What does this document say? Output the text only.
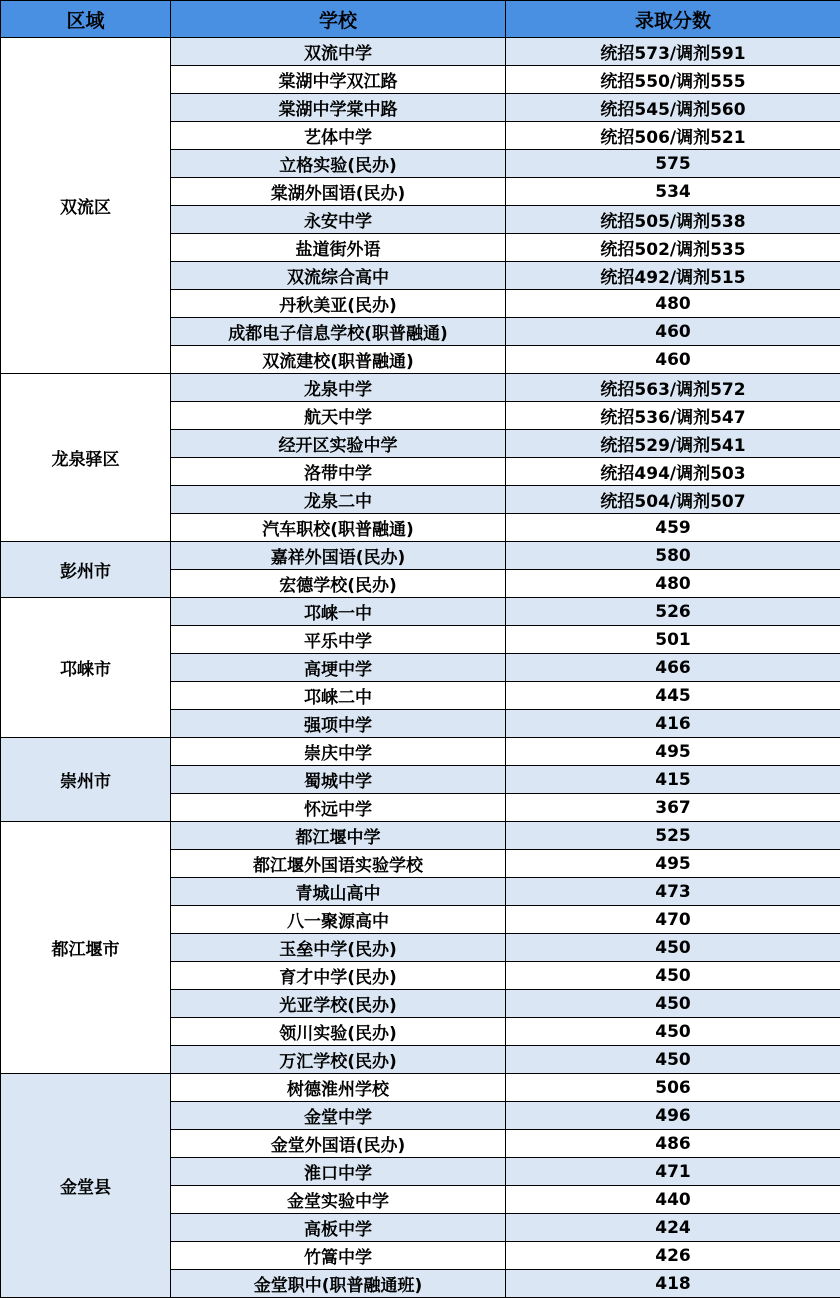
区域	学校	录取分数
双流区	双流中学	统招573/调剂591
	棠湖中学双江路	统招550/调剂555
	棠湖中学棠中路	统招545/调剂560
	艺体中学	统招506/调剂521
	立格实验(民办)	575
	棠湖外国语(民办)	534
	永安中学	统招505/调剂538
	盐道街外语	统招502/调剂535
	双流综合高中	统招492/调剂515
	丹秋美亚(民办)	480
	成都电子信息学校(职普融通)	460
	双流建校(职普融通)	460
龙泉驿区	龙泉中学	统招563/调剂572
	航天中学	统招536/调剂547
	经开区实验中学	统招529/调剂541
	洛带中学	统招494/调剂503
	龙泉二中	统招504/调剂507
	汽车职校(职普融通)	459
彭州市	嘉祥外国语(民办)	580
	宏德学校(民办)	480
邛崃市	邛崃一中	526
	平乐中学	501
	高埂中学	466
	邛崃二中	445
	强项中学	416
崇州市	崇庆中学	495
	蜀城中学	415
	怀远中学	367
都江堰市	都江堰中学	525
	都江堰外国语实验学校	495
	青城山高中	473
	八一聚源高中	470
	玉垒中学(民办)	450
	育才中学(民办)	450
	光亚学校(民办)	450
	领川实验(民办)	450
	万汇学校(民办)	450
金堂县	树德淮州学校	506
	金堂中学	496
	金堂外国语(民办)	486
	淮口中学	471
	金堂实验中学	440
	高板中学	424
	竹篙中学	426
	金堂职中(职普融通班)	418
